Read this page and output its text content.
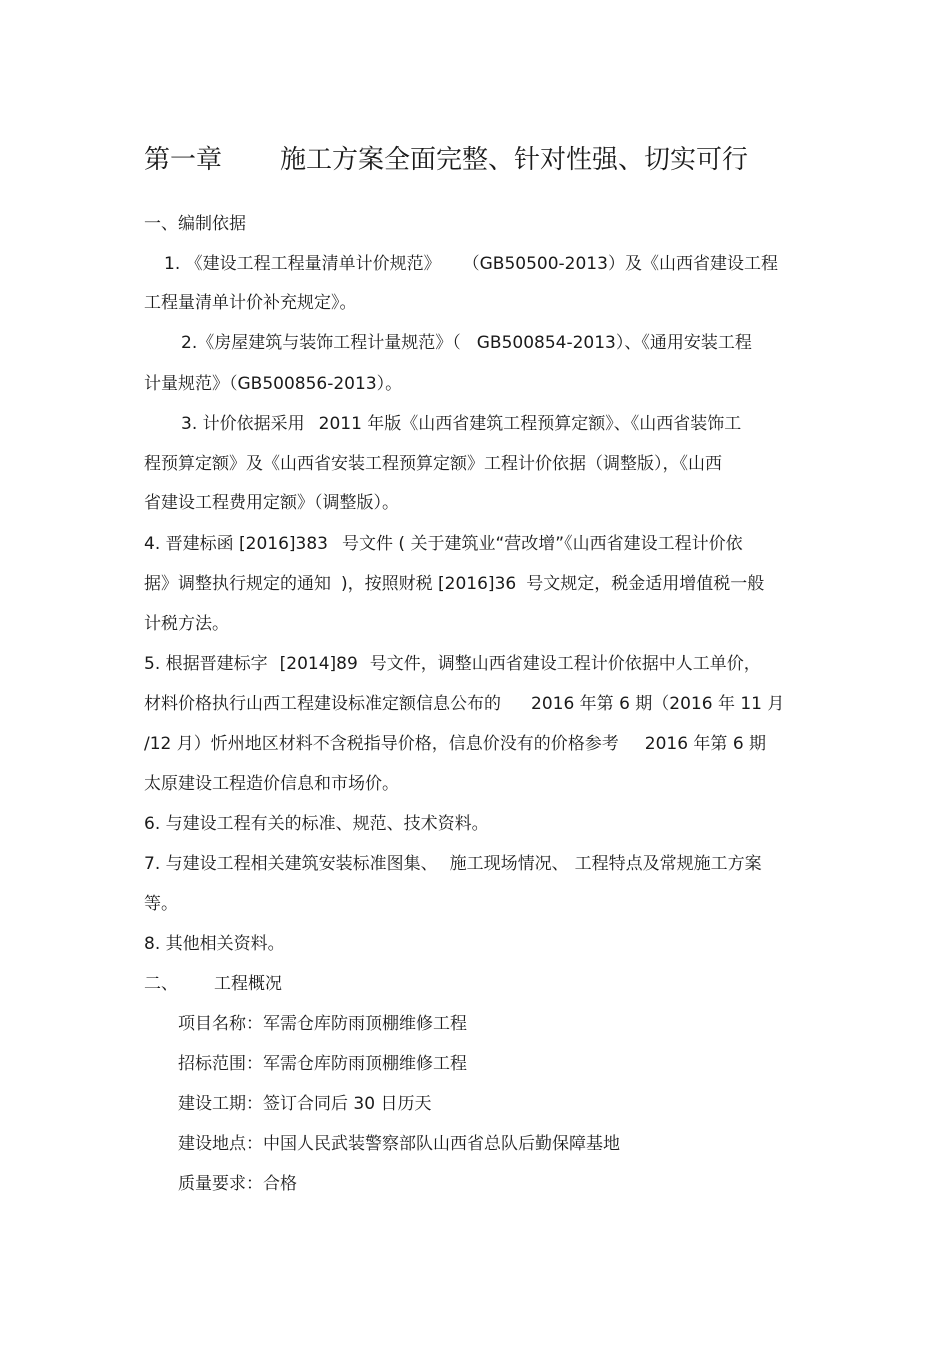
第一章 施工方案全面完整、针对性强、切实可行
一、编制依据
1. 《建设工程工程量清单计价规范》 （GB50500-2013）及《山西省建设工程
工程量清单计价补充规定》。
2.《房屋建筑与装饰工程计量规范》（ GB500854-2013）、《通用安装工程
计量规范》（GB500856-2013）。
3. 计价依据采用 2011 年版《山西省建筑工程预算定额》、《山西省装饰工
程预算定额》及《山西省安装工程预算定额》工程计价依据（调整版），《山西
省建设工程费用定额》（调整版）。
4. 晋建标函 [2016]383 号文件 ( 关于建筑业“营改增”《山西省建设工程计价依
据》调整执行规定的通知 )，按照财税 [2016]36 号文规定，税金适用增值税一般
计税方法。
5. 根据晋建标字 [2014]89 号文件，调整山西省建设工程计价依据中人工单价，
材料价格执行山西工程建设标准定额信息公布的 2016 年第 6 期（2016 年 11 月
/12 月）忻州地区材料不含税指导价格，信息价没有的价格参考 2016 年第 6 期
太原建设工程造价信息和市场价。
6. 与建设工程有关的标准、规范、技术资料。
7. 与建设工程相关建筑安装标准图集、 施工现场情况、 工程特点及常规施工方案
等。
8. 其他相关资料。
二、 工程概况
项目名称：军需仓库防雨顶棚维修工程
招标范围：军需仓库防雨顶棚维修工程
建设工期：签订合同后 30 日历天
建设地点：中国人民武装警察部队山西省总队后勤保障基地
质量要求：合格
